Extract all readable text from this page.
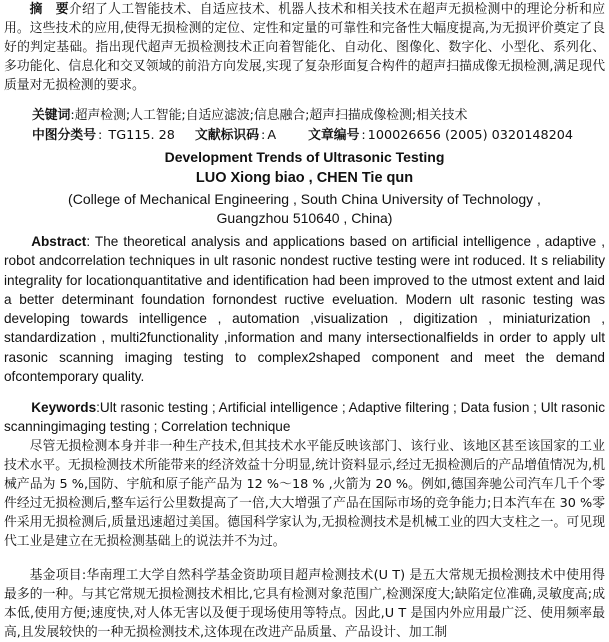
摘　要介绍了人工智能技术、自适应技术、机器人技术和相关技术在超声无损检测中的理论分析和应用。这些技术的应用,使得无损检测的定位、定性和定量的可靠性和完备性大幅度提高,为无损评价奠定了良好的判定基础。指出现代超声无损检测技术正向着智能化、自动化、图像化、数字化、小型化、系列化、多功能化、信息化和交叉领域的前沿方向发展,实现了复杂形面复合构件的超声扫描成像无损检测,满足现代质量对无损检测的要求。
关键词:超声检测;人工智能;自适应滤波;信息融合;超声扫描成像检测;相关技术
中图分类号 : TG115. 28 文献标识码 : A	文章编号 : 100026656 (2005) 0320148204
Development Trends of Ultrasonic Testing
LUO Xiong biao , CHEN Tie qun
(College of Mechanical Engineering , South China University of Technology ,
Guangzhou 510640 , China)
Abstract: The theoretical analysis and applications based on artificial intelligence , adaptive , robot andcorrelation techniques in ult rasonic nondest ructive testing were int roduced. It s reliability integrality for locationquantitative and identification had been improved to the utmost extent and laid a better determinant foundation fornondest ructive eveluation. Modern ult rasonic testing was developing towards intelligence , automation ,visualization , digitization , miniaturization , standardization , multi2functionality ,information and many intersectionalfields in order to apply ult rasonic scanning imaging testing to complex2shaped component and meet the demand ofcontemporary quality.
Keywords:Ult rasonic testing ; Artificial intelligence ; Adaptive filtering ; Data fusion ; Ult rasonic scanningimaging testing ; Correlation technique
尽管无损检测本身并非一种生产技术,但其技术水平能反映该部门、该行业、该地区甚至该国家的工业技术水平。无损检测技术所能带来的经济效益十分明显,统计资料显示,经过无损检测后的产品增值情况为,机械产品为 5 %,国防、宇航和原子能产品为 12 %～18 % ,火箭为 20 %。例如,德国奔驰公司汽车几千个零件经过无损检测后,整车运行公里数提高了一倍,大大增强了产品在国际市场的竞争能力;日本汽车在 30 %零件采用无损检测后,质量迅速超过美国。德国科学家认为,无损检测技术是机械工业的四大支柱之一。可见现代工业是建立在无损检测基础上的说法并不为过。
基金项目:华南理工大学自然科学基金资助项目超声检测技术(U T) 是五大常规无损检测技术中使用得最多的一种。与其它常规无损检测技术相比,它具有检测对象范围广,检测深度大;缺陷定位准确,灵敏度高;成本低,使用方便;速度快,对人体无害以及便于现场使用等特点。因此,U T 是国内外应用最广泛、使用频率最高,且发展较快的一种无损检测技术,这体现在改进产品质量、产品设计、加工制
